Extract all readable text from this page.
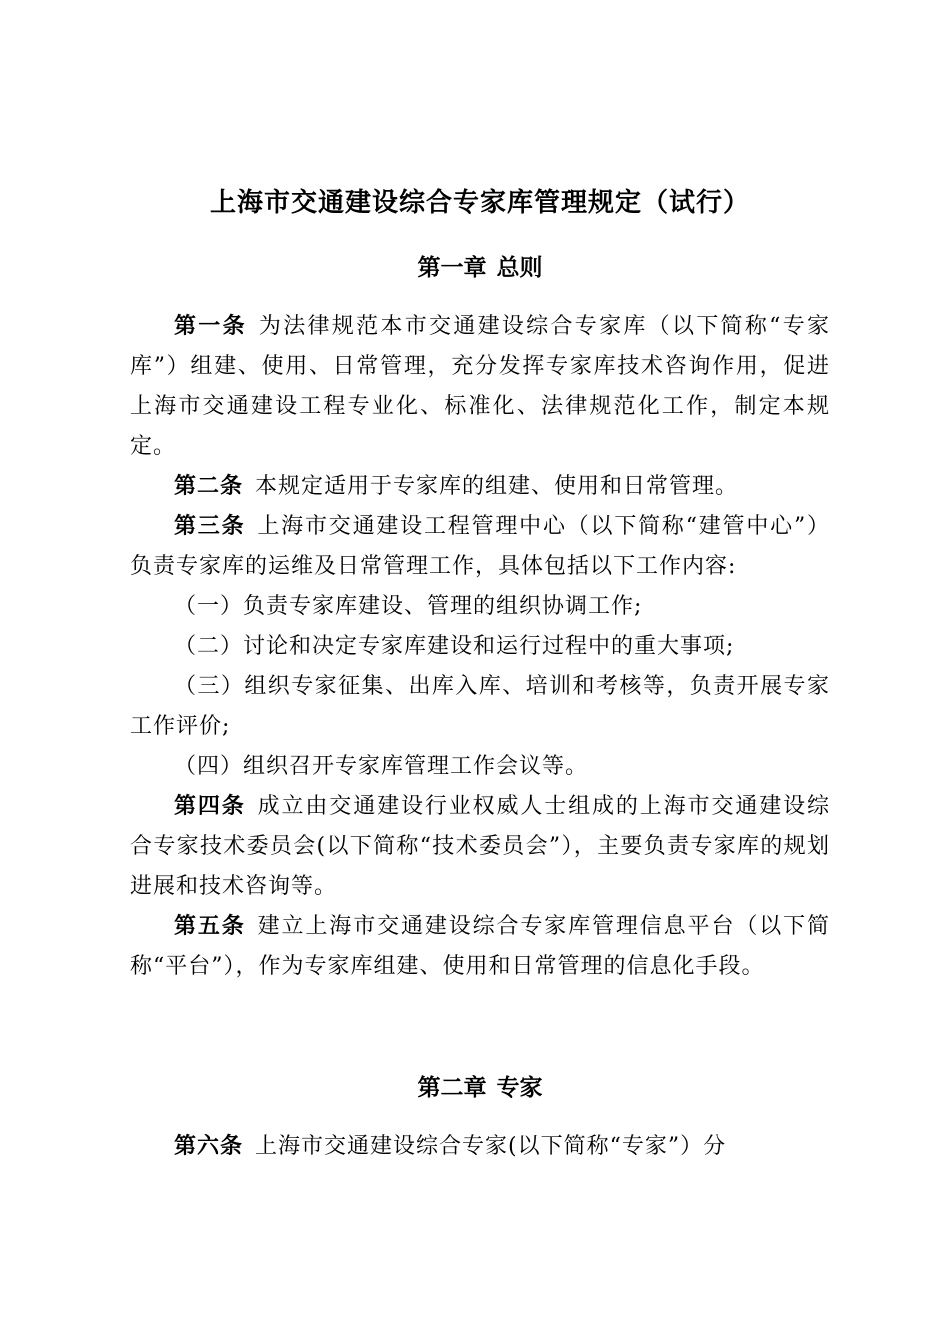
上海市交通建设综合专家库管理规定（试行）
第一章 总则

第一条 为法律规范本市交通建设综合专家库（以下简称“专家库”）组建、使用、日常管理，充分发挥专家库技术咨询作用，促进上海市交通建设工程专业化、标准化、法律规范化工作，制定本规定。

第二条 本规定适用于专家库的组建、使用和日常管理。

第三条 上海市交通建设工程管理中心（以下简称“建管中心”）负责专家库的运维及日常管理工作，具体包括以下工作内容:

（一）负责专家库建设、管理的组织协调工作;

（二）讨论和决定专家库建设和运行过程中的重大事项;

（三）组织专家征集、出库入库、培训和考核等，负责开展专家工作评价;

（四）组织召开专家库管理工作会议等。

第四条 成立由交通建设行业权威人士组成的上海市交通建设综合专家技术委员会(以下简称“技术委员会”），主要负责专家库的规划进展和技术咨询等。

第五条 建立上海市交通建设综合专家库管理信息平台（以下简称“平台”），作为专家库组建、使用和日常管理的信息化手段。

第二章 专家

第六条 上海市交通建设综合专家(以下简称“专家”）分
